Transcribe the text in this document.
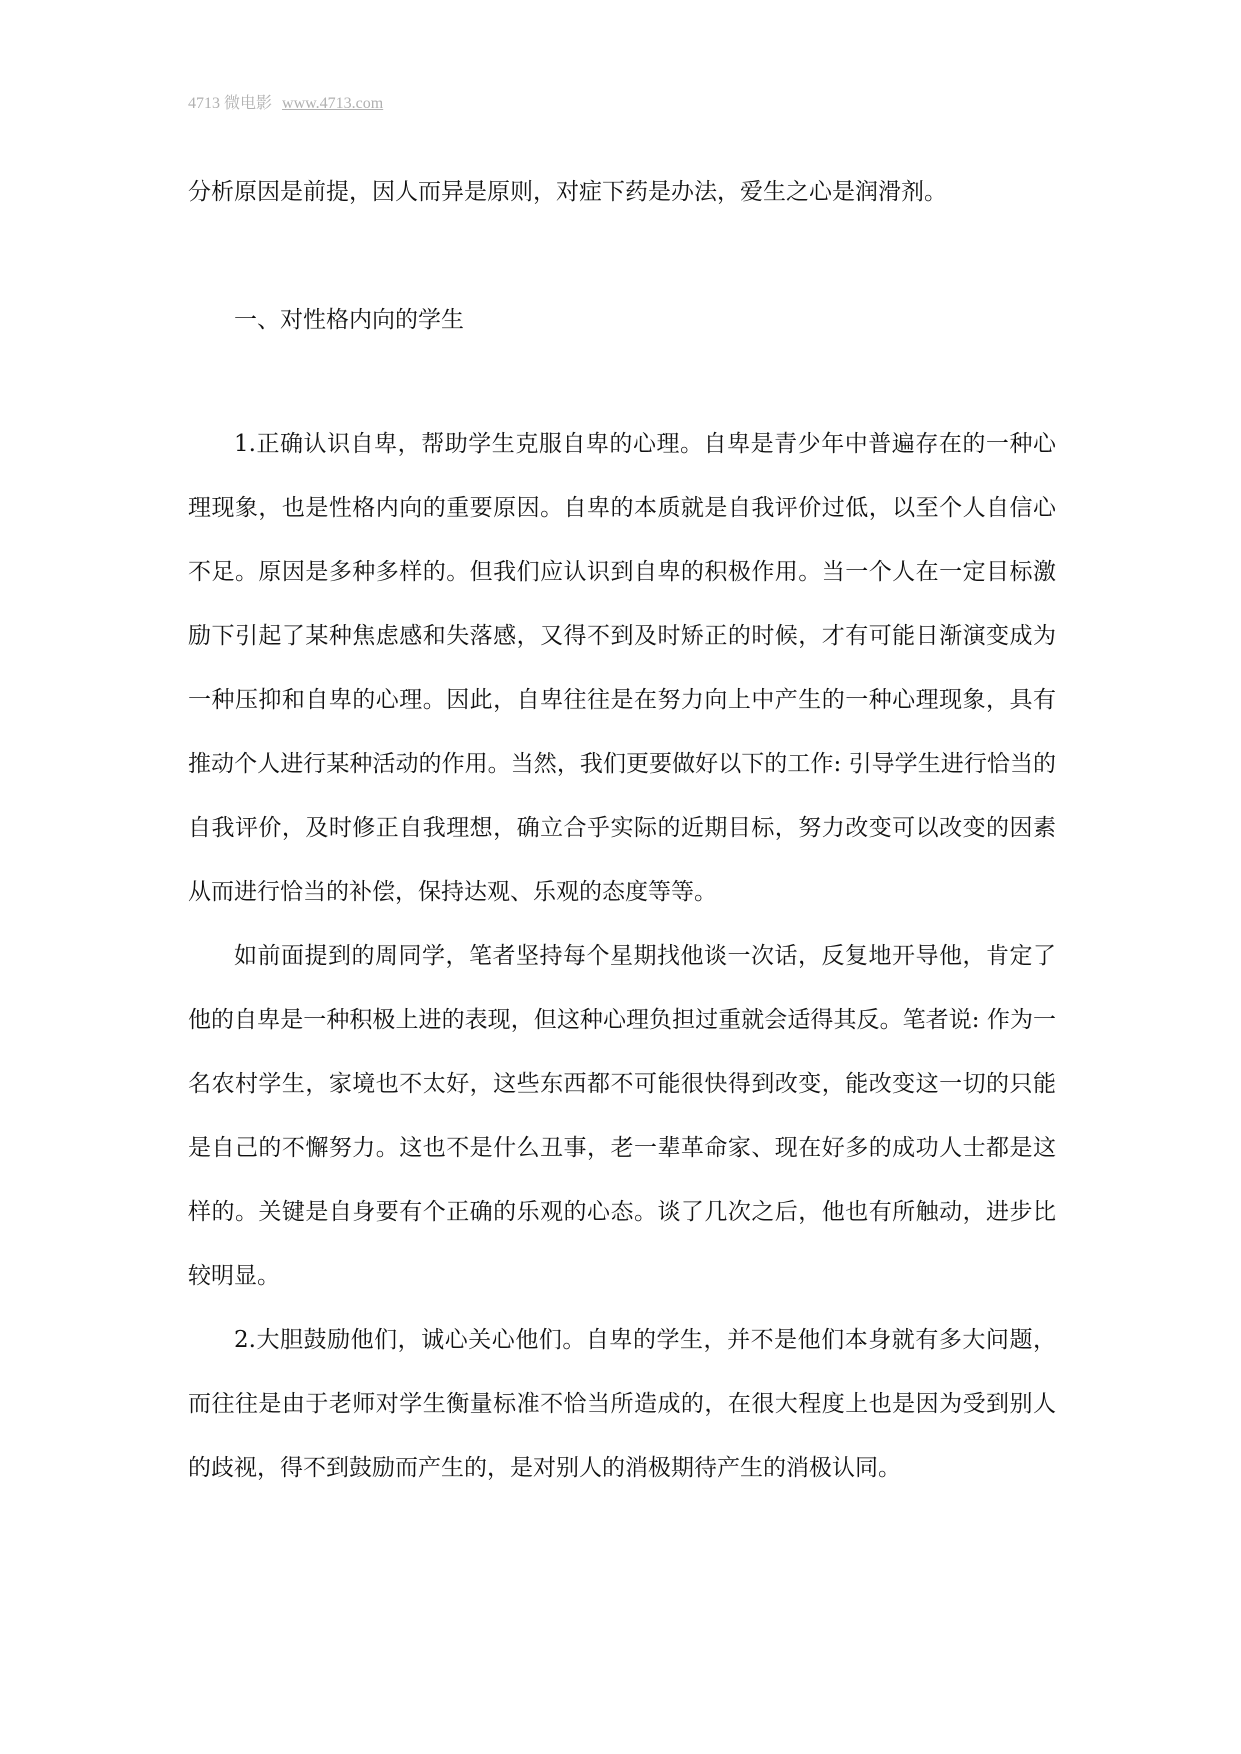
4713 微电影 www.4713.com

分析原因是前提，因人而异是原则，对症下药是办法，爱生之心是润滑剂。

一、对性格内向的学生

1.正确认识自卑，帮助学生克服自卑的心理。自卑是青少年中普遍存在的一种心理现象，也是性格内向的重要原因。自卑的本质就是自我评价过低，以至个人自信心不足。原因是多种多样的。但我们应认识到自卑的积极作用。当一个人在一定目标激励下引起了某种焦虑感和失落感，又得不到及时矫正的时候，才有可能日渐演变成为一种压抑和自卑的心理。因此，自卑往往是在努力向上中产生的一种心理现象，具有推动个人进行某种活动的作用。当然，我们更要做好以下的工作: 引导学生进行恰当的自我评价，及时修正自我理想，确立合乎实际的近期目标，努力改变可以改变的因素从而进行恰当的补偿，保持达观、乐观的态度等等。

如前面提到的周同学，笔者坚持每个星期找他谈一次话，反复地开导他，肯定了他的自卑是一种积极上进的表现，但这种心理负担过重就会适得其反。笔者说: 作为一名农村学生，家境也不太好，这些东西都不可能很快得到改变，能改变这一切的只能是自己的不懈努力。这也不是什么丑事，老一辈革命家、现在好多的成功人士都是这样的。关键是自身要有个正确的乐观的心态。谈了几次之后，他也有所触动，进步比较明显。

2.大胆鼓励他们，诚心关心他们。自卑的学生，并不是他们本身就有多大问题，而往往是由于老师对学生衡量标准不恰当所造成的，在很大程度上也是因为受到别人的歧视，得不到鼓励而产生的，是对别人的消极期待产生的消极认同。
